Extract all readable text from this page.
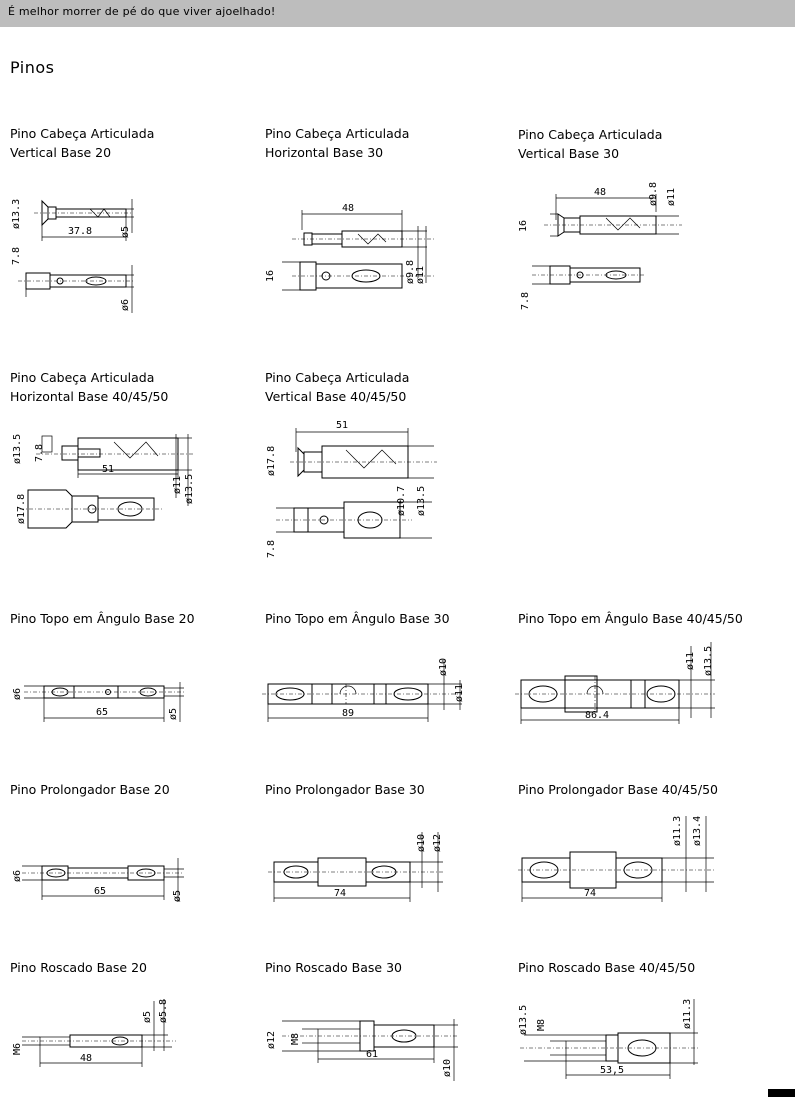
É melhor morrer de pé do que viver ajoelhado!
Pinos
Pino Cabeça Articulada
Vertical Base 20
Pino Cabeça Articulada
Horizontal Base 30
Pino Cabeça Articulada
Vertical Base 30
Pino Cabeça Articulada
Horizontal Base 40/45/50
Pino Cabeça Articulada
Vertical Base 40/45/50
Pino Topo em Ângulo Base 20	Pino Topo em Ângulo Base 30	Pino Topo em Ângulo Base 40/45/50
Pino Prolongador Base 20	Pino Prolongador Base 30	Pino Prolongador Base 40/45/50
Pino Roscado Base 20	Pino Roscado Base 30	Pino Roscado Base 40/45/50
ø13.3
37.8	ø5
7.8
ø6
48
16	ø9.8 ø11
48	ø9.8 ø11
16
7.8
ø13.5 7.8
51
ø11 ø13.5
ø17.8
51
ø17.8
ø10.7 ø13.5
7.8
ø6
65	ø5
ø10
ø11
89
ø11 ø13.5
86.4
ø6
65	ø5
ø10 ø12
74
ø11.3 ø13.4
74
M6
ø5 ø5.8
48
ø12 M8
61
ø10
ø13.5 M8	ø11.3
53,5
